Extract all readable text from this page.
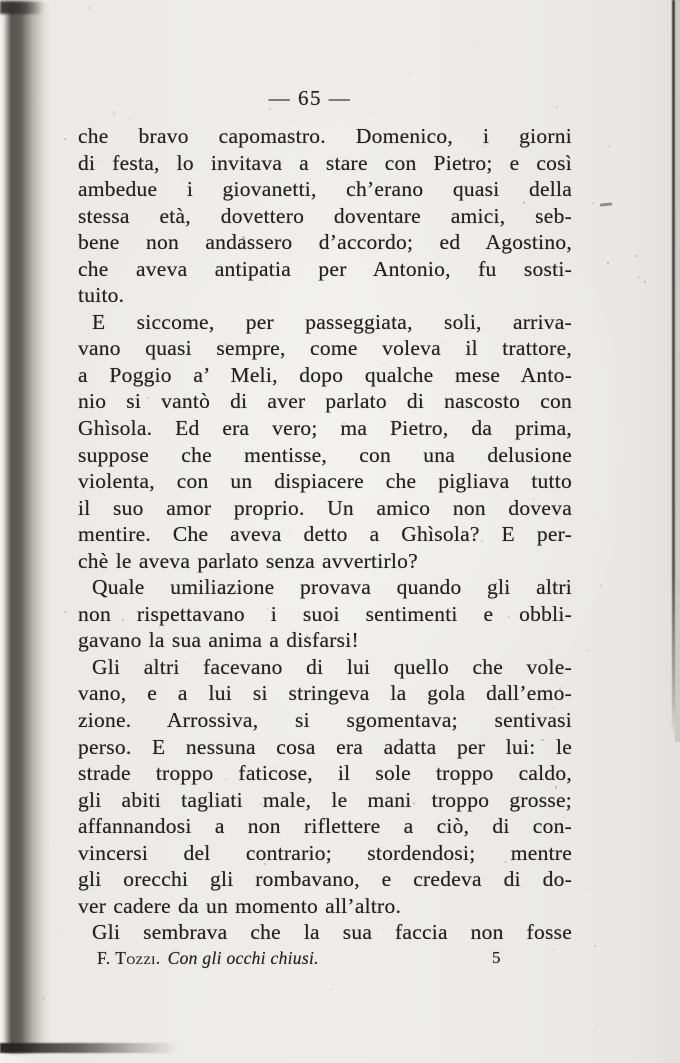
— 65 —
che bravo capomastro. Domenico, i giorni
di festa, lo invitava a stare con Pietro; e così
ambedue i giovanetti, ch’erano quasi della
stessa età, dovettero doventare amici, seb-
bene non andassero d’accordo; ed Agostino,
che aveva antipatia per Antonio, fu sosti-
tuito.
E siccome, per passeggiata, soli, arriva-
vano quasi sempre, come voleva il trattore,
a Poggio a’ Meli, dopo qualche mese Anto-
nio si vantò di aver parlato di nascosto con
Ghìsola. Ed era vero; ma Pietro, da prima,
suppose che mentisse, con una delusione
violenta, con un dispiacere che pigliava tutto
il suo amor proprio. Un amico non doveva
mentire. Che aveva detto a Ghìsola? E per-
chè le aveva parlato senza avvertirlo?
Quale umiliazione provava quando gli altri
non rispettavano i suoi sentimenti e obbli-
gavano la sua anima a disfarsi!
Gli altri facevano di lui quello che vole-
vano, e a lui si stringeva la gola dall’emo-
zione. Arrossiva, si sgomentava; sentivasi
perso. E nessuna cosa era adatta per lui: le
strade troppo faticose, il sole troppo caldo,
gli abiti tagliati male, le mani troppo grosse;
affannandosi a non riflettere a ciò, di con-
vincersi del contrario; stordendosi; mentre
gli orecchi gli rombavano, e credeva di do-
ver cadere da un momento all’altro.
Gli sembrava che la sua faccia non fosse
F. Tozzi. Con gli occhi chiusi.	5
